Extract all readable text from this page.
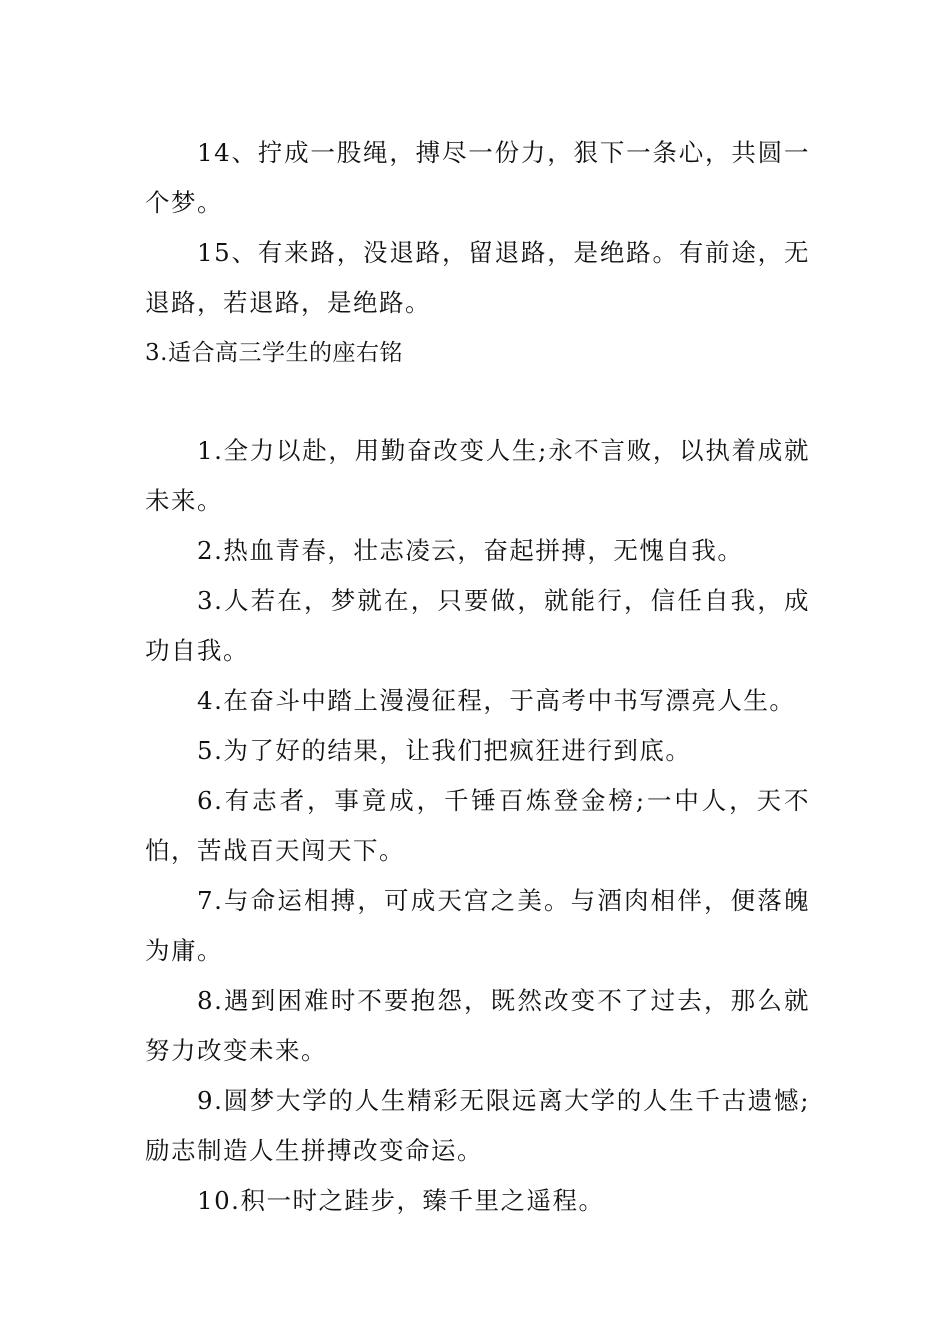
14、拧成一股绳，搏尽一份力，狠下一条心，共圆一个梦。

15、有来路，没退路，留退路，是绝路。有前途，无退路，若退路，是绝路。

3.适合高三学生的座右铭

1.全力以赴，用勤奋改变人生;永不言败，以执着成就未来。

2.热血青春，壮志凌云，奋起拼搏，无愧自我。

3.人若在，梦就在，只要做，就能行，信任自我，成功自我。

4.在奋斗中踏上漫漫征程，于高考中书写漂亮人生。

5.为了好的结果，让我们把疯狂进行到底。

6.有志者，事竟成，千锤百炼登金榜;一中人，天不怕，苦战百天闯天下。

7.与命运相搏，可成天宫之美。与酒肉相伴，便落魄为庸。

8.遇到困难时不要抱怨，既然改变不了过去，那么就努力改变未来。

9.圆梦大学的人生精彩无限远离大学的人生千古遗憾;励志制造人生拼搏改变命运。

10.积一时之跬步，臻千里之遥程。
